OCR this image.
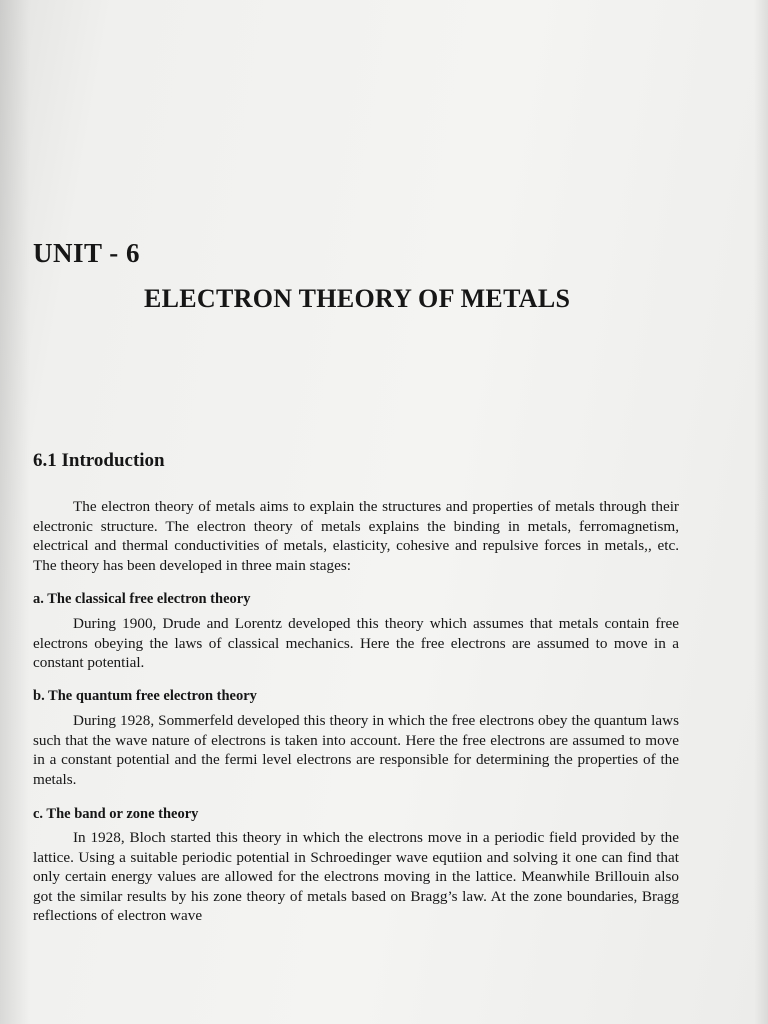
UNIT - 6
ELECTRON THEORY OF METALS
6.1 Introduction

The electron theory of metals aims to explain the structures and properties of metals through their electronic structure. The electron theory of metals explains the binding in metals, ferromagnetism, electrical and thermal conductivities of metals, elasticity, cohesive and repulsive forces in metals,, etc. The theory has been developed in three main stages:

a. The classical free electron theory

During 1900, Drude and Lorentz developed this theory which assumes that metals contain free electrons obeying the laws of classical mechanics. Here the free electrons are assumed to move in a constant potential.

b. The quantum free electron theory

During 1928, Sommerfeld developed this theory in which the free electrons obey the quantum laws such that the wave nature of electrons is taken into account. Here the free electrons are assumed to move in a constant potential and the fermi level electrons are responsible for determining the properties of the metals.

c. The band or zone theory

In 1928, Bloch started this theory in which the electrons move in a periodic field provided by the lattice. Using a suitable periodic potential in Schroedinger wave equtiion and solving it one can find that only certain energy values are allowed for the electrons moving in the lattice. Meanwhile Brillouin also got the similar results by his zone theory of metals based on Bragg’s law. At the zone boundaries, Bragg reflections of electron wave
